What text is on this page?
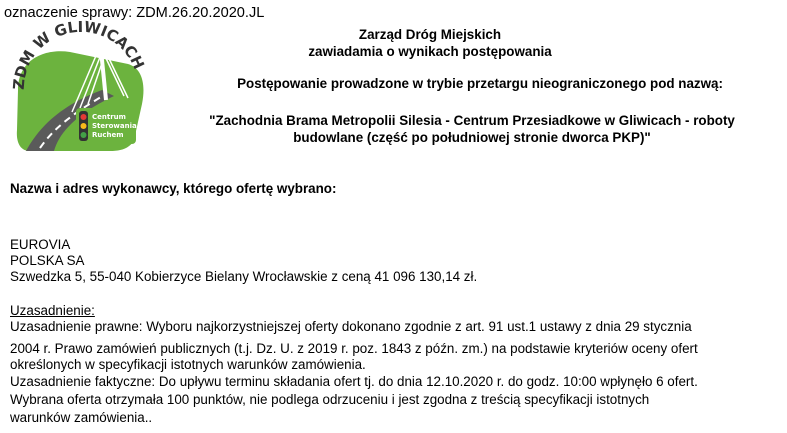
oznaczenie sprawy: ZDM.26.20.2020.JL
ZDM W GLIWICACH
Centrum
Sterowania
Ruchem
Zarząd Dróg Miejskich
zawiadamia o wynikach postępowania
Postępowanie prowadzone w trybie przetargu nieograniczonego pod nazwą:
"Zachodnia Brama Metropolii Silesia - Centrum Przesiadkowe w Gliwicach - roboty
budowlane (część po południowej stronie dworca PKP)"
Nazwa i adres wykonawcy, którego ofertę wybrano:
EUROVIA
POLSKA SA
Szwedzka 5, 55-040 Kobierzyce Bielany Wrocławskie z ceną 41 096 130,14 zł.
Uzasadnienie:
Uzasadnienie prawne: Wyboru najkorzystniejszej oferty dokonano zgodnie z art. 91 ust.1 ustawy z dnia 29 stycznia
2004 r. Prawo zamówień publicznych (t.j. Dz. U. z 2019 r. poz. 1843 z późn. zm.) na podstawie kryteriów oceny ofert
określonych w specyfikacji istotnych warunków zamówienia.
Uzasadnienie faktyczne: Do upływu terminu składania ofert tj. do dnia 12.10.2020 r. do godz. 10:00 wpłynęło 6 ofert.
Wybrana oferta otrzymała 100 punktów, nie podlega odrzuceniu i jest zgodna z treścią specyfikacji istotnych
warunków zamówienia..
